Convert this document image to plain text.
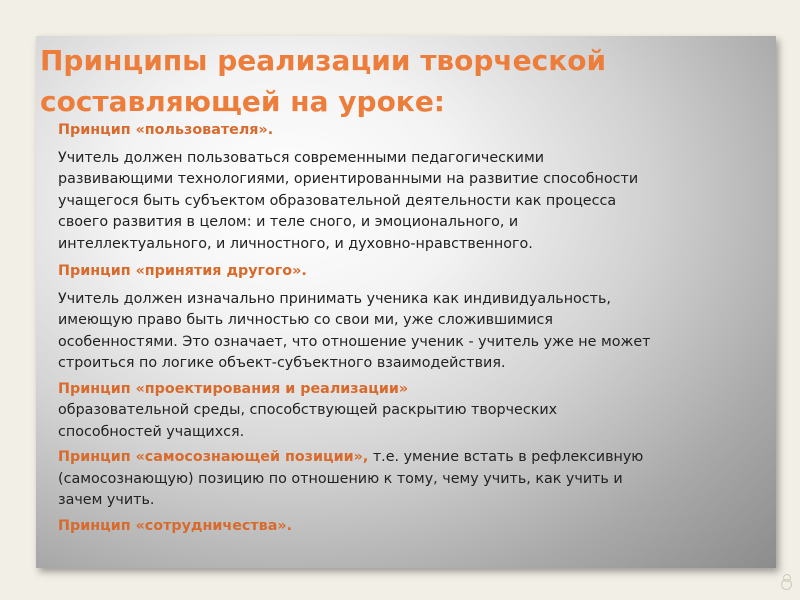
Принципы реализации творческой составляющей на уроке:

Принцип «пользователя».

Учитель должен пользоваться современными педагогическими развивающими технологиями, ориентированными на развитие способности учащегося быть субъектом образовательной деятельности как процесса своего развития в целом: и теле сного, и эмоционального, и интеллектуального, и личностного, и духовно-нравственного.

Принцип «принятия другого».

Учитель должен изначально принимать ученика как индивидуальность, имеющую право быть личностью со свои ми, уже сложившимися особенностями. Это означает, что отношение ученик - учитель уже не может строиться по логике объект-субъектного взаимодействия.

Принцип «проектирования и реализации»
образовательной среды, способствующей раскрытию творческих способностей учащихся.

Принцип «самосознающей позиции», т.е. умение встать в рефлексивную (самосознающую) позицию по отношению к тому, чему учить, как учить и зачем учить.

Принцип «сотрудничества».
